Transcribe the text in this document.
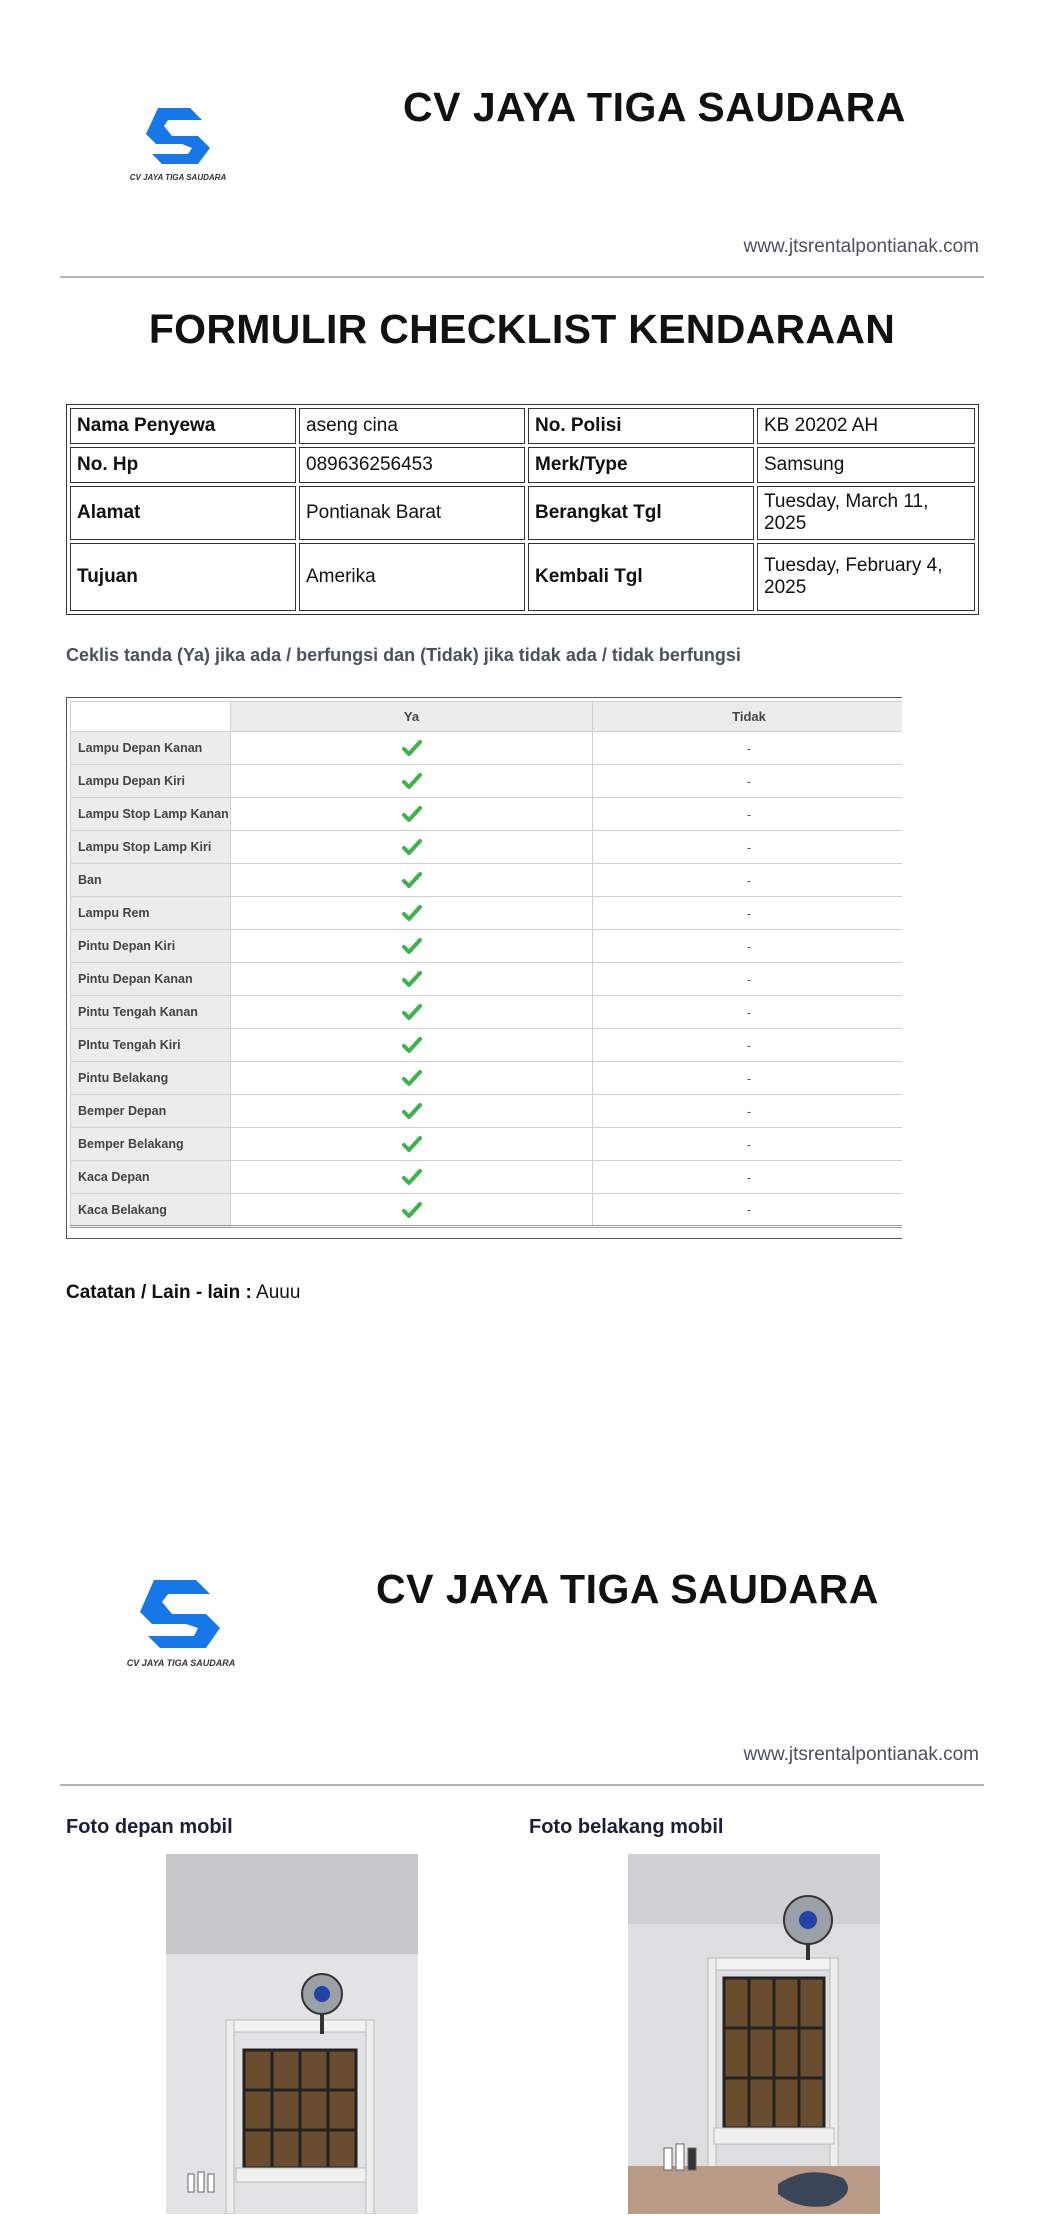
CV JAYA TIGA SAUDARA
CV JAYA TIGA SAUDARA
www.jtsrentalpontianak.com
FORMULIR CHECKLIST KENDARAAN
Nama Penyewa	aseng cina	No. Polisi	KB 20202 AH
No. Hp	089636256453	Merk/Type	Samsung
Alamat	Pontianak Barat	Berangkat Tgl	Tuesday, March 11, 2025
Tujuan	Amerika	Kembali Tgl	Tuesday, February 4, 2025
Ceklis tanda (Ya) jika ada / berfungsi dan (Tidak) jika tidak ada / tidak berfungsi
	Ya	Tidak
Lampu Depan Kanan		-
Lampu Depan Kiri		-
Lampu Stop Lamp Kanan		-
Lampu Stop Lamp Kiri		-
Ban		-
Lampu Rem		-
Pintu Depan Kiri		-
Pintu Depan Kanan		-
Pintu Tengah Kanan		-
PIntu Tengah Kiri		-
Pintu Belakang		-
Bemper Depan		-
Bemper Belakang		-
Kaca Depan		-
Kaca Belakang		-
Catatan / Lain - lain : Auuu
CV JAYA TIGA SAUDARA
CV JAYA TIGA SAUDARA
www.jtsrentalpontianak.com
Foto depan mobil	Foto belakang mobil
